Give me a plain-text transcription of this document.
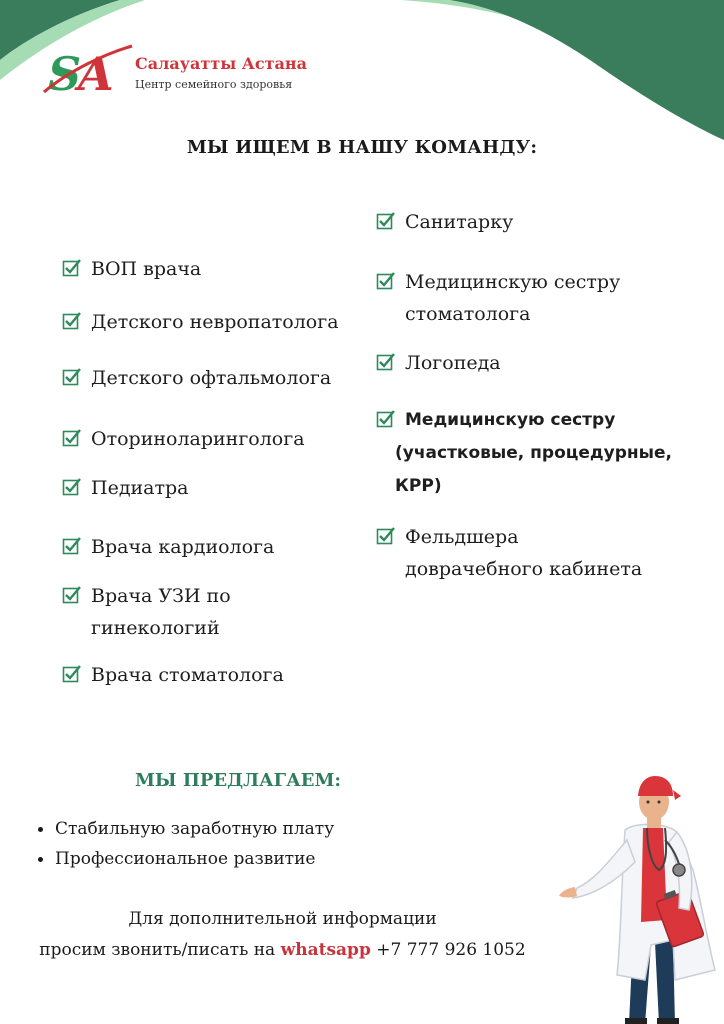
S
A Салауатты Астана
Центр семейного здоровья
МЫ ИЩЕМ В НАШУ КОМАНДУ:
ВОП врача
Детского невропатолога
Детского офтальмолога
Оториноларинголога
Педиатра
Врача кардиолога
Врача УЗИ по
гинекологий
Врача стоматолога
Санитарку
Медицинскую сестру
стоматолога
Логопеда
Медицинскую сестру
(участковые, процедурные,
КРР)
Фельдшера
доврачебного кабинета
МЫ ПРЕДЛАГАЕМ:
Стабильную заработную плату
Профессиональное развитие
Для дополнительной информации
просим звонить/писать на whatsapp +7 777 926 1052
